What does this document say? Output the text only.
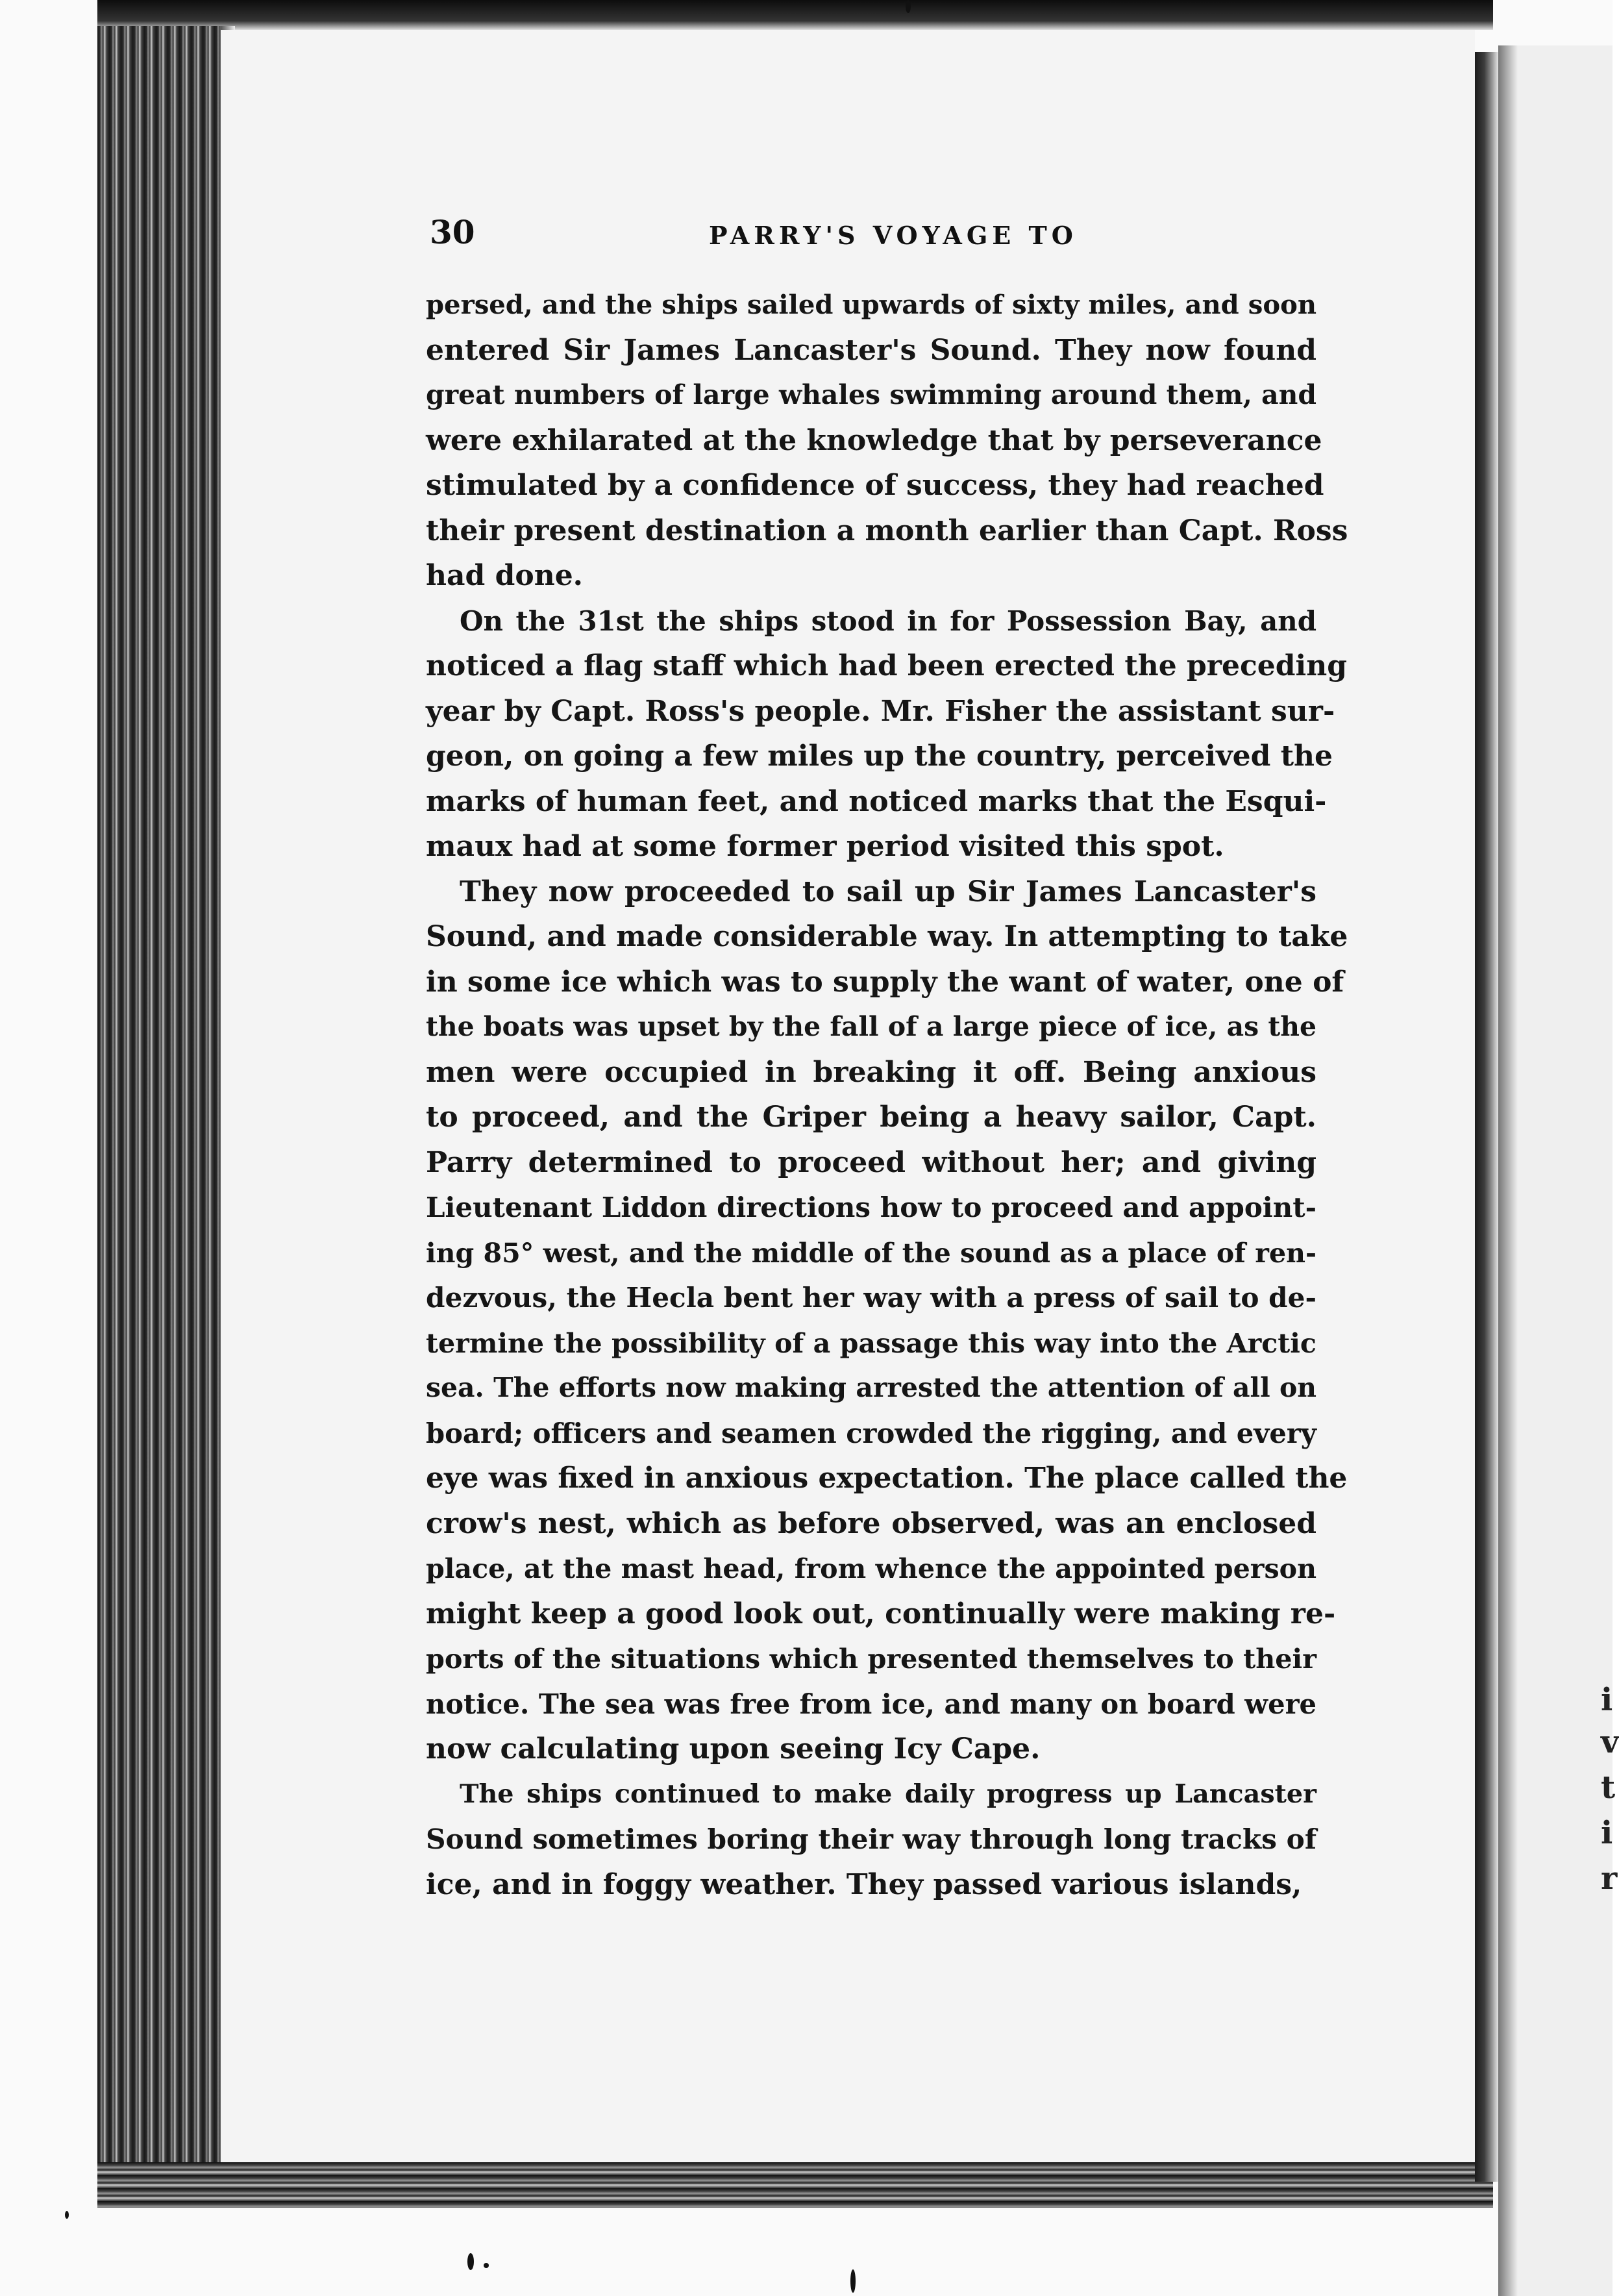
i
v
t
i
r
30	PARRY'S VOYAGE TO

persed, and the ships sailed upwards of sixty miles, and soon
entered Sir James Lancaster's Sound. They now found
great numbers of large whales swimming around them, and
were exhilarated at the knowledge that by perseverance
stimulated by a confidence of success, they had reached
their present destination a month earlier than Capt. Ross
had done.

On the 31st the ships stood in for Possession Bay, and
noticed a flag staff which had been erected the preceding
year by Capt. Ross's people. Mr. Fisher the assistant sur-
geon, on going a few miles up the country, perceived the
marks of human feet, and noticed marks that the Esqui-
maux had at some former period visited this spot.

They now proceeded to sail up Sir James Lancaster's
Sound, and made considerable way. In attempting to take
in some ice which was to supply the want of water, one of
the boats was upset by the fall of a large piece of ice, as the
men were occupied in breaking it off. Being anxious
to proceed, and the Griper being a heavy sailor, Capt.
Parry determined to proceed without her; and giving
Lieutenant Liddon directions how to proceed and appoint-
ing 85° west, and the middle of the sound as a place of ren-
dezvous, the Hecla bent her way with a press of sail to de-
termine the possibility of a passage this way into the Arctic
sea. The efforts now making arrested the attention of all on
board; officers and seamen crowded the rigging, and every
eye was fixed in anxious expectation. The place called the
crow's nest, which as before observed, was an enclosed
place, at the mast head, from whence the appointed person
might keep a good look out, continually were making re-
ports of the situations which presented themselves to their
notice. The sea was free from ice, and many on board were
now calculating upon seeing Icy Cape.

The ships continued to make daily progress up Lancaster
Sound sometimes boring their way through long tracks of
ice, and in foggy weather. They passed various islands,
